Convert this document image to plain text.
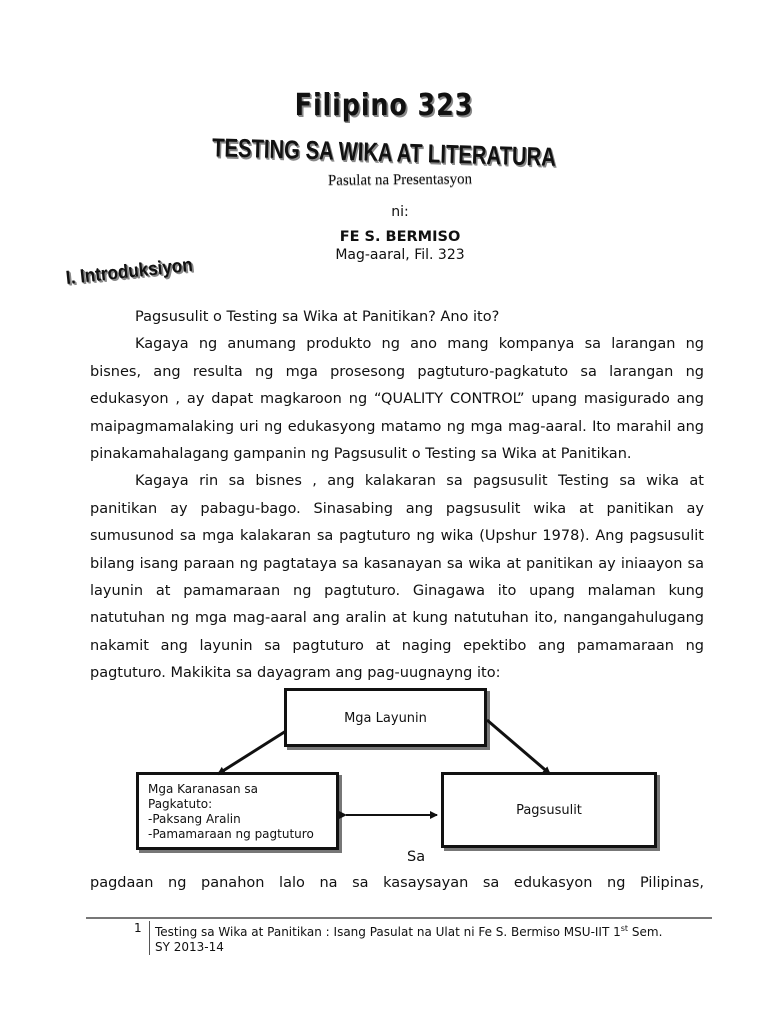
Filipino 323
TESTING SA WIKA AT LITERATURA
Pasulat na Presentasyon
ni:
FE S. BERMISO
Mag-aaral, Fil. 323
I. Introduksiyon

Pagsusulit o Testing sa Wika at Panitikan? Ano ito?

Kagaya ng anumang produkto ng ano mang kompanya sa larangan ng bisnes, ang resulta ng mga prosesong pagtuturo-pagkatuto sa larangan ng edukasyon , ay dapat magkaroon ng “QUALITY CONTROL” upang masigurado ang maipagmamalaking uri ng edukasyong matamo ng mga mag-aaral. Ito marahil ang pinakamahalagang gampanin ng Pagsusulit o Testing sa Wika at Panitikan.

Kagaya rin sa bisnes , ang kalakaran sa pagsusulit Testing sa wika at panitikan ay pabagu-bago. Sinasabing ang pagsusulit wika at panitikan ay sumusunod sa mga kalakaran sa pagtuturo ng wika (Upshur 1978). Ang pagsusulit bilang isang paraan ng pagtataya sa kasanayan sa wika at panitikan ay iniaayon sa layunin at pamamaraan ng pagtuturo. Ginagawa ito upang malaman kung natutuhan ng mga mag-aaral ang aralin at kung natutuhan ito, nangangahulugang nakamit ang layunin sa pagtuturo at naging epektibo ang pamamaraan ng pagtuturo. Makikita sa dayagram ang pag-uugnayng ito:

Mga Layunin
Mga Karanasan sa
Pagkatuto:
-Paksang Aralin
-Pamamaraan ng pagtuturo
Pagsusulit
Sa
pagdaan ng panahon lalo na sa kasaysayan sa edukasyon ng Pilipinas,
1 Testing sa Wika at Panitikan : Isang Pasulat na Ulat ni Fe S. Bermiso MSU-IIT 1st Sem.
SY 2013-14
